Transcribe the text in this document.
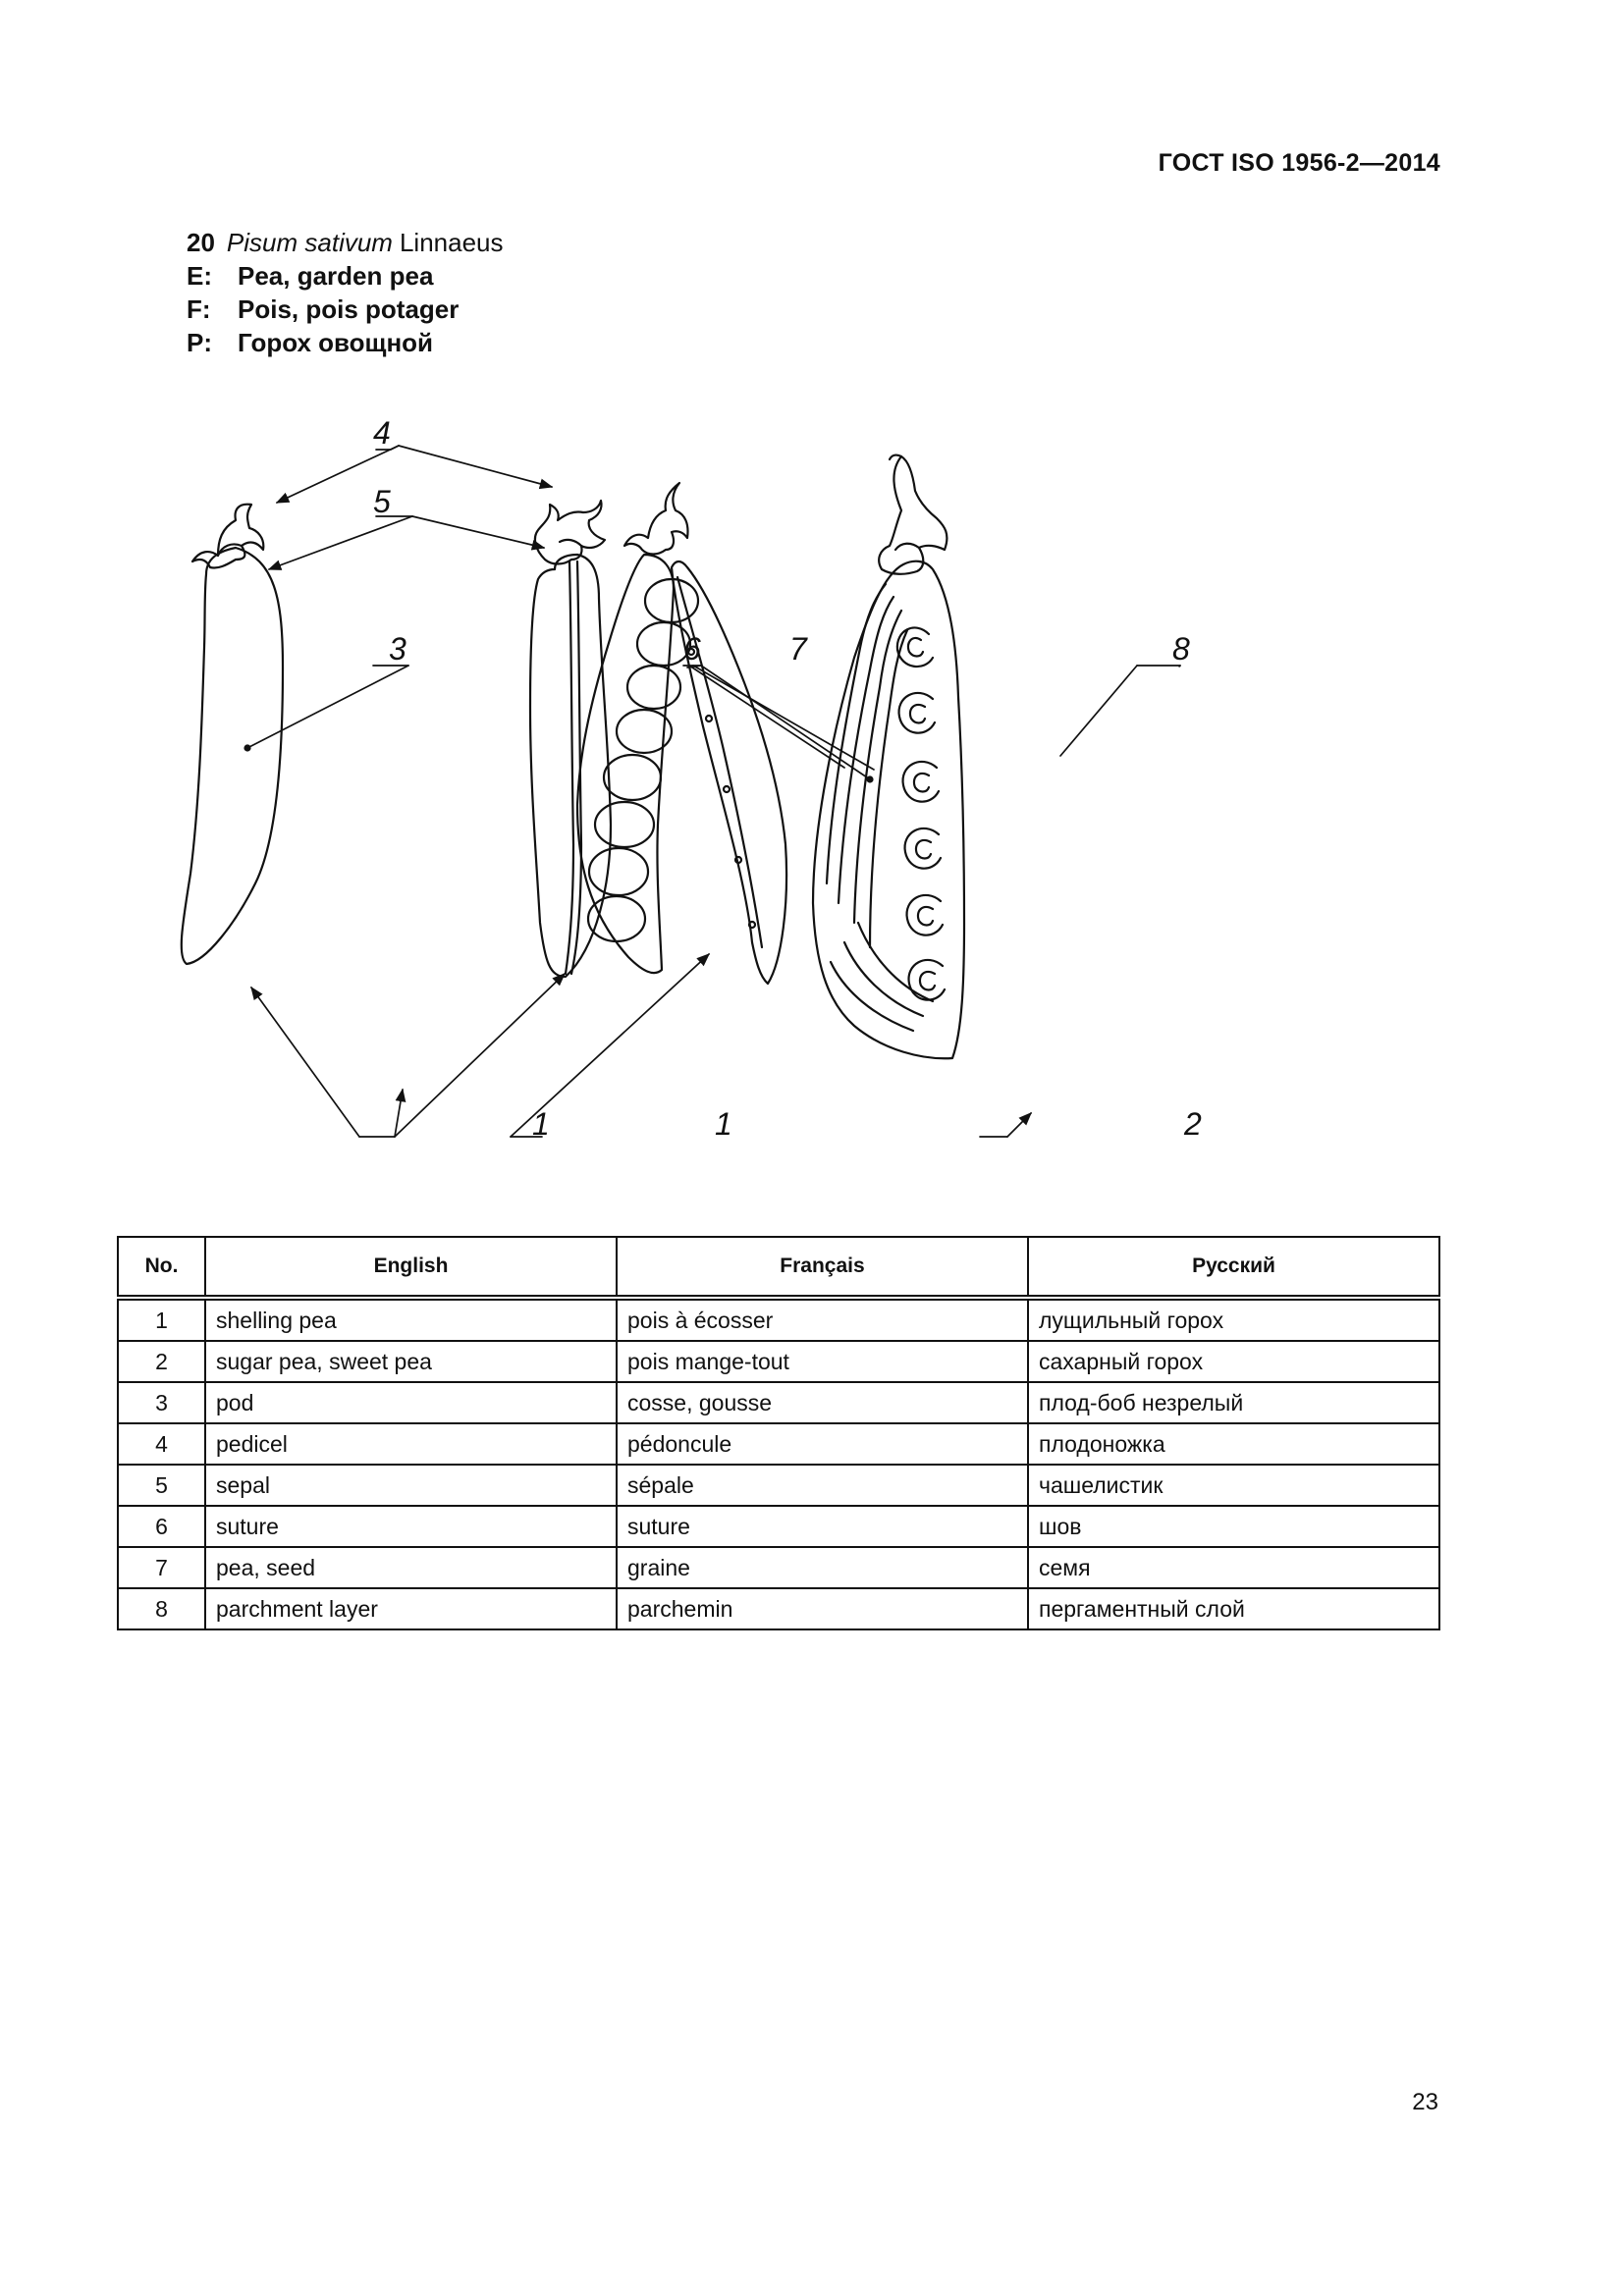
ГОСТ ISO 1956-2—2014
20 Pisum sativum Linnaeus
E:	Pea, garden pea
F:	Pois, pois potager
P:	Горох овощной
4
5
3	6	7	8
1	1	2
No.	English	Français	Русский
1	shelling pea	pois à écosser	лущильный горох
2	sugar pea, sweet pea	pois mange-tout	сахарный горох
3	pod	cosse, gousse	плод-боб незрелый
4	pedicel	pédoncule	плодоножка
5	sepal	sépale	чашелистик
6	suture	suture	шов
7	pea, seed	graine	семя
8	parchment layer	parchemin	пергаментный слой
23
